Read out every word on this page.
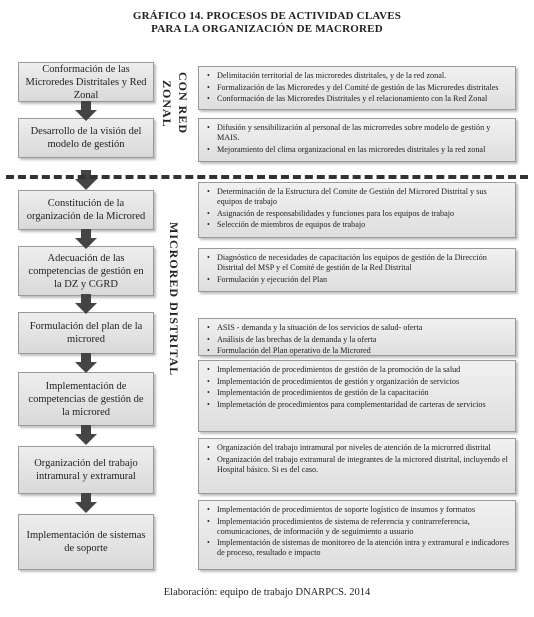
GRÁFICO 14. PROCESOS DE ACTIVIDAD CLAVES
PARA LA ORGANIZACIÓN DE MACRORED
Conformación de las Microredes Distritales y Red Zonal
Desarrollo de la visión del modelo de gestión
Constitución de la organización de la Microred
Adecuación de las competencias de gestión en la DZ y CGRD
Formulación del plan de la microred
Implementación de competencias de gestión de la microred
Organización del trabajo intramural y extramural
Implementación de sistemas de soporte
CON RED
ZONAL
MICRORED DISTRITAL
• Delimitación territorial de las microredes distritales, y de la red zonal.
• Formalización de las Microredes y del Comité de gestión de las Microredes distritales
• Conformación de las Microredes Distritales y el relacionamiento con la Red Zonal
• Difusión y sensibilización al personal de las microrredes sobre modelo de gestión y MAIS.
• Mejoramiento del clima organizacional en las microredes distritales y la red zonal
• Determinación de la Estructura del Comite de Gestión del Microred Distrital y sus equipos de trabajo
• Asignación de responsabilidades y funciones para los equipos de trabajo
• Selección de miembros de equipos de trabajo
• Diagnóstico de necesidades de capacitación los equipos de gestión de la Dirección Distrital del MSP y el Comité de gestión de la Red Distrital
• Formulación y ejecución del Plan
• ASIS - demanda y la situación de los servicios de salud- oferta
• Análisis de las brechas de la demanda y la oferta
• Formulación del Plan operativo de la Microred
• Implementación de procedimientos de gestión de la promoción de la salud
• Implementación de procedimientos de gestión y organización de servicios
• Implementación de procedimientos de gestión de la capacitación
• Implemetación de procedimientos para complementaridad de carteras de servicios
• Organización del trabajo intramural por niveles de atención de la microrred distrital
• Organización del trabajo extramural de integrantes de la microred distrital, incluyendo el Hospital básico. Si es del caso.
• Implementación de procedimientos de soporte logístico de insumos y formatos
• Implementación procedimientos de sistema de referencia y contrarreferencia, comunicaciones, de información y de seguimiento a usuario
• Implementación de sistemas de monitoreo de la atención intra y extramural e indicadores de proceso, resultado e impacto
Elaboración: equipo de trabajo DNARPCS. 2014
